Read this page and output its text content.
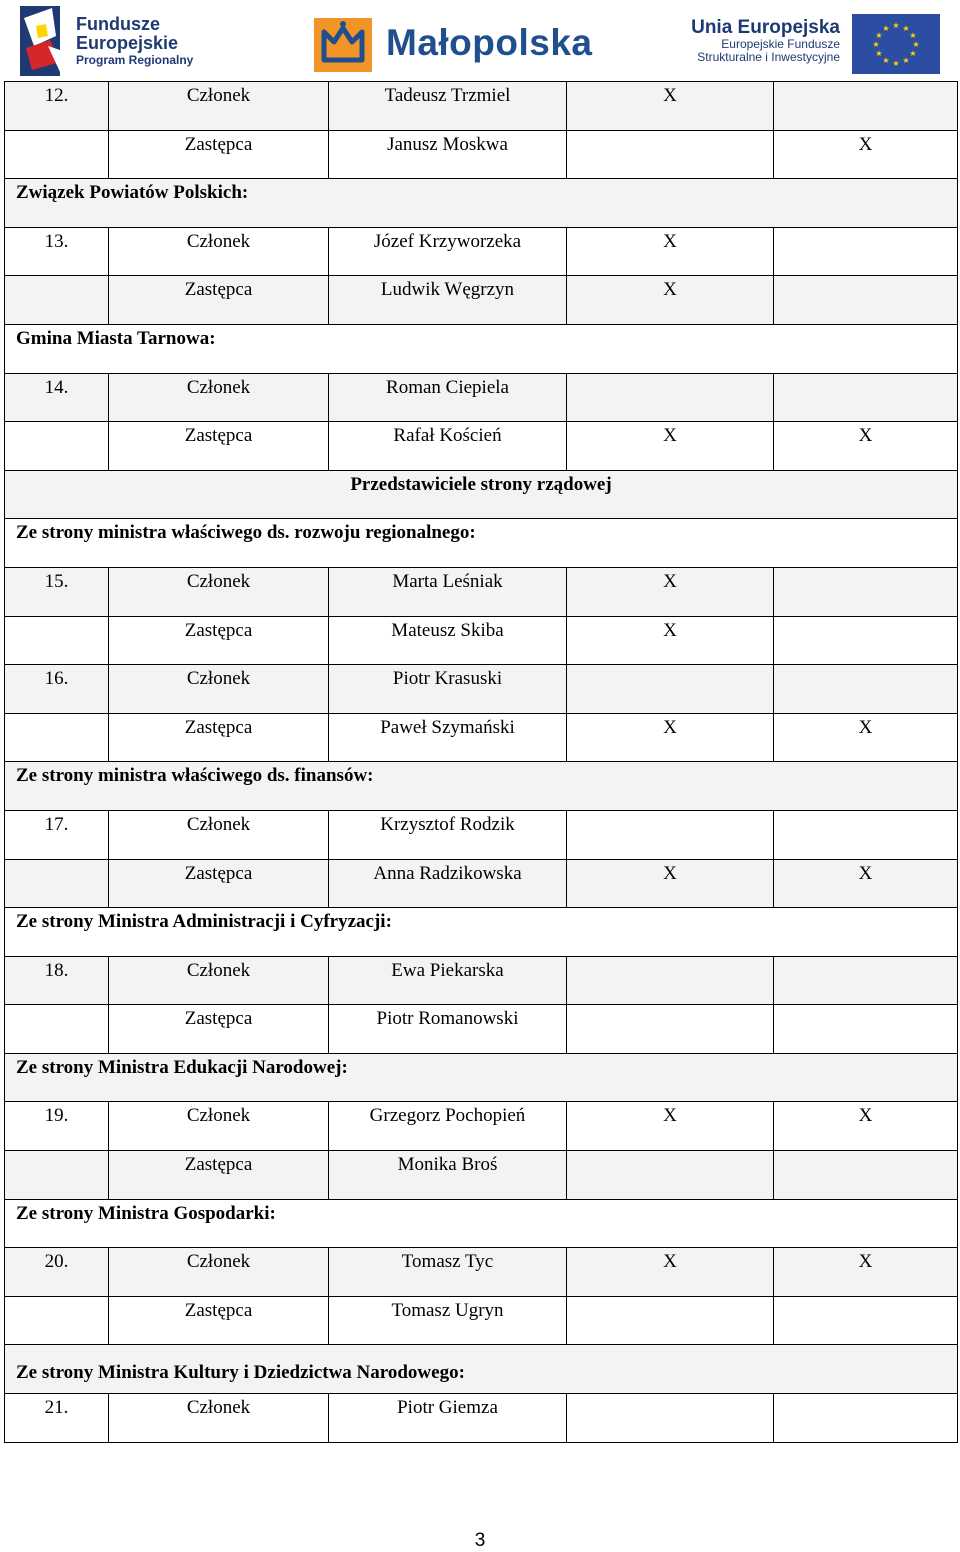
Fundusze
Europejskie
Program Regionalny	Małopolska	Unia Europejska
Europejskie Fundusze
Strukturalne i Inwestycyjne
★ ★
★
★
★
★
★
★
★
★
★
★
12.	Członek	Tadeusz Trzmiel	X	

	Zastępca	Janusz Moskwa		X

Związek Powiatów Polskich:				

13.	Członek	Józef Krzyworzeka	X	

	Zastępca	Ludwik Węgrzyn	X	

Gmina Miasta Tarnowa:				

14.	Członek	Roman Ciepiela		

	Zastępca	Rafał Koścień	X	X

Przedstawiciele strony rządowej				

Ze strony ministra właściwego ds. rozwoju regionalnego:				

15.	Członek	Marta Leśniak	X	

	Zastępca	Mateusz Skiba	X	

16.	Członek	Piotr Krasuski		

	Zastępca	Paweł Szymański	X	X

Ze strony ministra właściwego ds. finansów:				

17.	Członek	Krzysztof Rodzik		

	Zastępca	Anna Radzikowska	X	X

Ze strony Ministra Administracji i Cyfryzacji:				

18.	Członek	Ewa Piekarska		

	Zastępca	Piotr Romanowski		

Ze strony Ministra Edukacji Narodowej:				

19.	Członek	Grzegorz Pochopień	X	X

	Zastępca	Monika Broś		

Ze strony Ministra Gospodarki:				

20.	Członek	Tomasz Tyc	X	X

	Zastępca	Tomasz Ugryn		

Ze strony Ministra Kultury i Dziedzictwa Narodowego:				

21.	Członek	Piotr Giemza		

3
